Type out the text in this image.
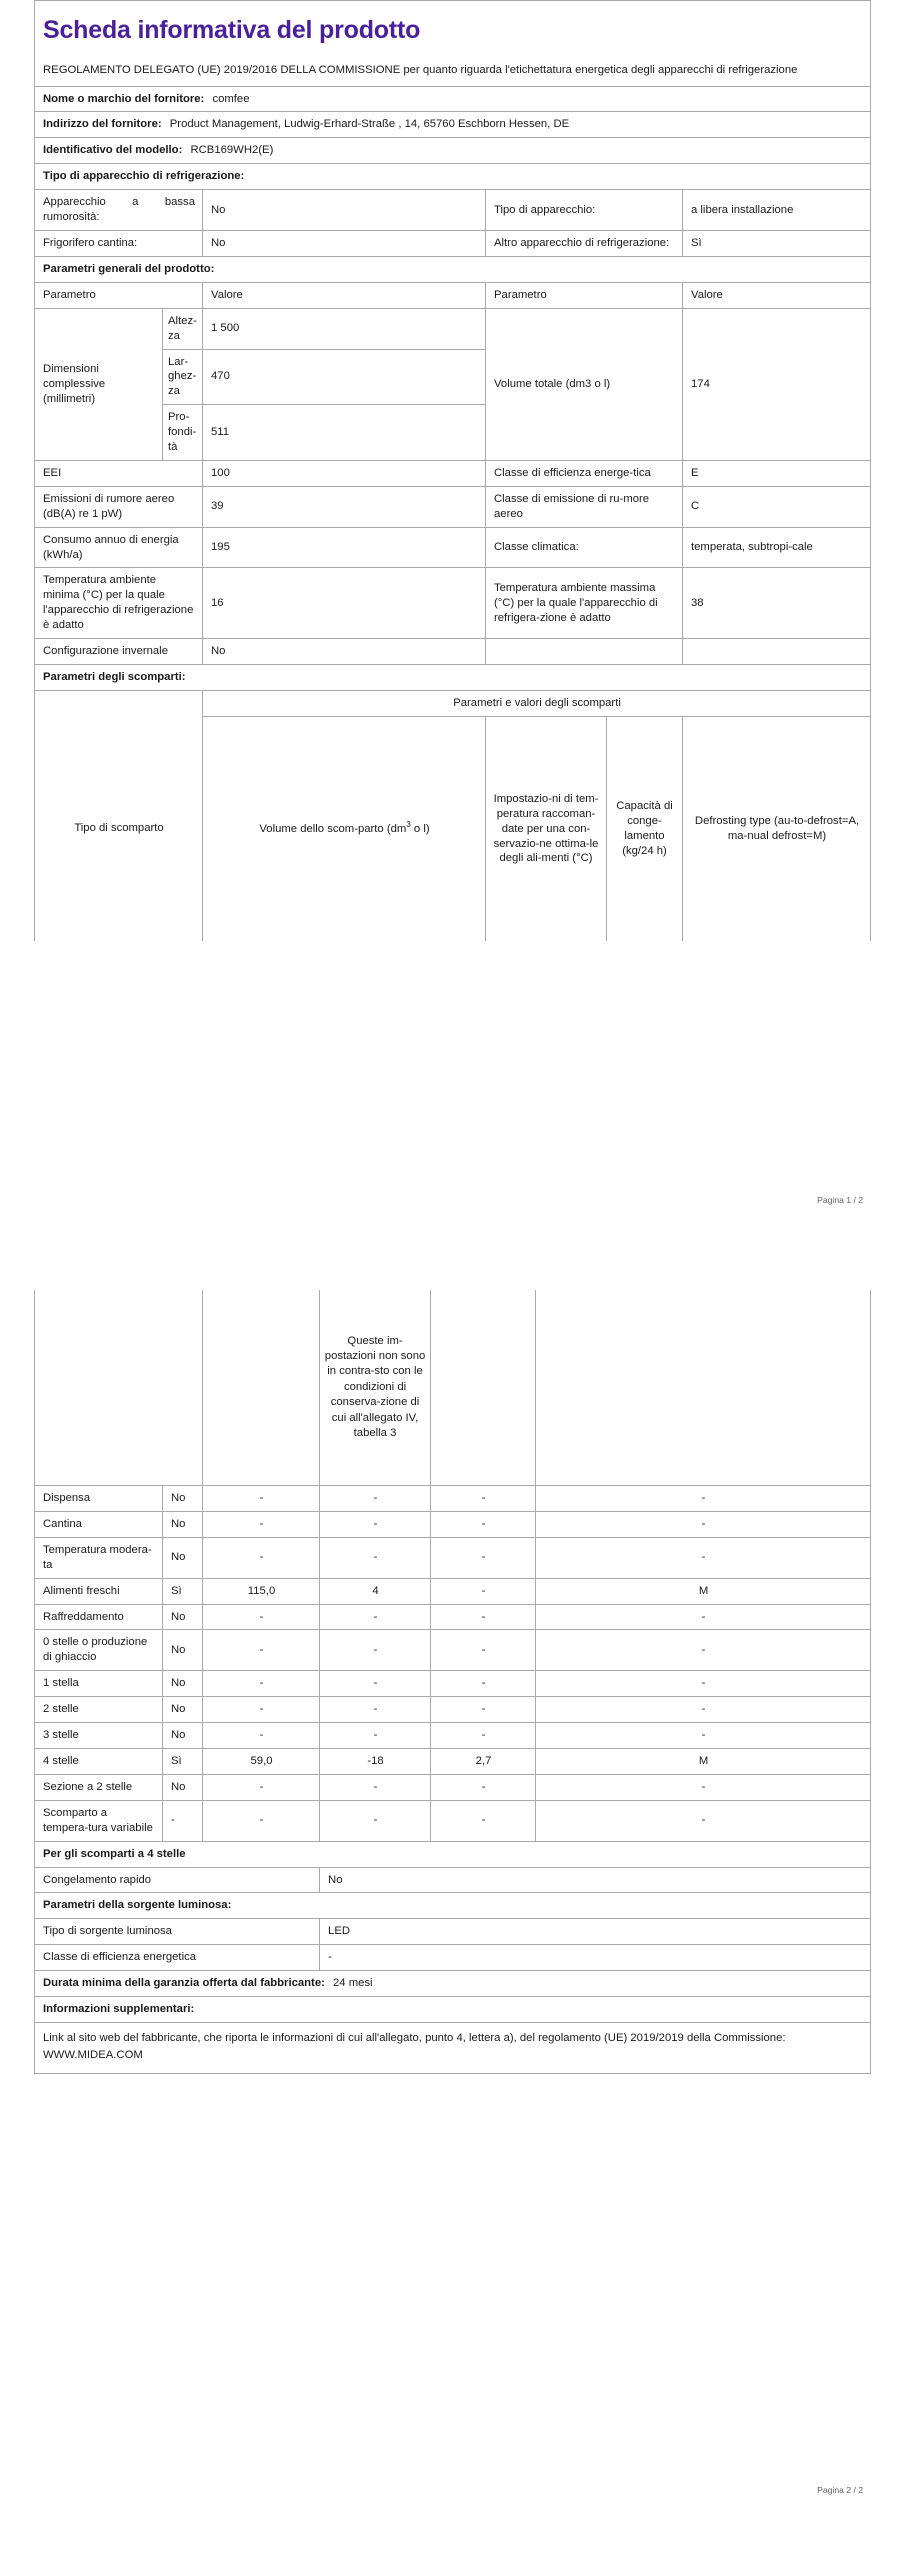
Scheda informativa del prodotto					

REGOLAMENTO DELEGATO (UE) 2019/2016 DELLA COMMISSIONE per quanto riguarda l'etichettatura energetica degli apparecchi di refrigerazione					

Nome o marchio del fornitore: comfee					
Indirizzo del fornitore: Product Management, Ludwig-Erhard-Straße , 14, 65760 Eschborn Hessen, DE					
Identificativo del modello: RCB169WH2(E)					
Tipo di apparecchio di refrigerazione:					
Apparecchio a bassa rumorosità:		No	Tipo di apparecchio:		a libera installazione
Frigorifero cantina:		No	Altro apparecchio di refrigerazione:		Sì
Parametri generali del prodotto:					
Parametro		Valore	Parametro		Valore
Dimensioni complessive (millimetri)	Altez-za	1 500	Volume totale (dm3 o l)		174
	Lar-ghez-za	470			
	Pro-fondi-tà	511			
EEI		100	Classe di efficienza energe-tica		E
Emissioni di rumore aereo (dB(A) re 1 pW)		39	Classe di emissione di ru-more aereo		C
Consumo annuo di energia (kWh/a)		195	Classe climatica:		temperata, subtropi-cale
Temperatura ambiente minima (°C) per la quale l'apparecchio di refrigerazione è adatto		16	Temperatura ambiente massima (°C) per la quale l'apparecchio di refrigera-zione è adatto		38
Configurazione invernale		No			
Parametri degli scomparti:					
		Parametri e valori degli scomparti			
Tipo di scomparto		Volume dello scom-parto ($dm^3$ o l)	Impostazio-ni di tem-peratura raccoman-date per una con-servazio-ne ottima-le degli ali-menti (°C)	Capacità di conge-lamento (kg/24 h)	Defrosting type (au-to-defrost=A, ma-nual defrost=M)
Pagina 1 / 2
			Queste im-postazioni non sono in contra-sto con le condizioni di conserva-zione di cui all'allegato IV, tabella 3		
Dispensa	No	-	-	-	-
Cantina	No	-	-	-	-
Temperatura modera-ta	No	-	-	-	-
Alimenti freschi	Sì	115,0	4	-	M
Raffreddamento	No	-	-	-	-
0 stelle o produzione di ghiaccio	No	-	-	-	-
1 stella	No	-	-	-	-
2 stelle	No	-	-	-	-
3 stelle	No	-	-	-	-
4 stelle	Sì	59,0	-18	2,7	M
Sezione a 2 stelle	No	-	-	-	-
Scomparto a tempera-tura variabile	-	-	-	-	-
Per gli scomparti a 4 stelle					
Congelamento rapido			No		
Parametri della sorgente luminosa:					
Tipo di sorgente luminosa			LED		
Classe di efficienza energetica			-		
Durata minima della garanzia offerta dal fabbricante: 24 mesi					
Informazioni supplementari:					
Link al sito web del fabbricante, che riporta le informazioni di cui all'allegato, punto 4, lettera a), del regolamento (UE) 2019/2019 della Commissione: WWW.MIDEA.COM					
Pagina 2 / 2
